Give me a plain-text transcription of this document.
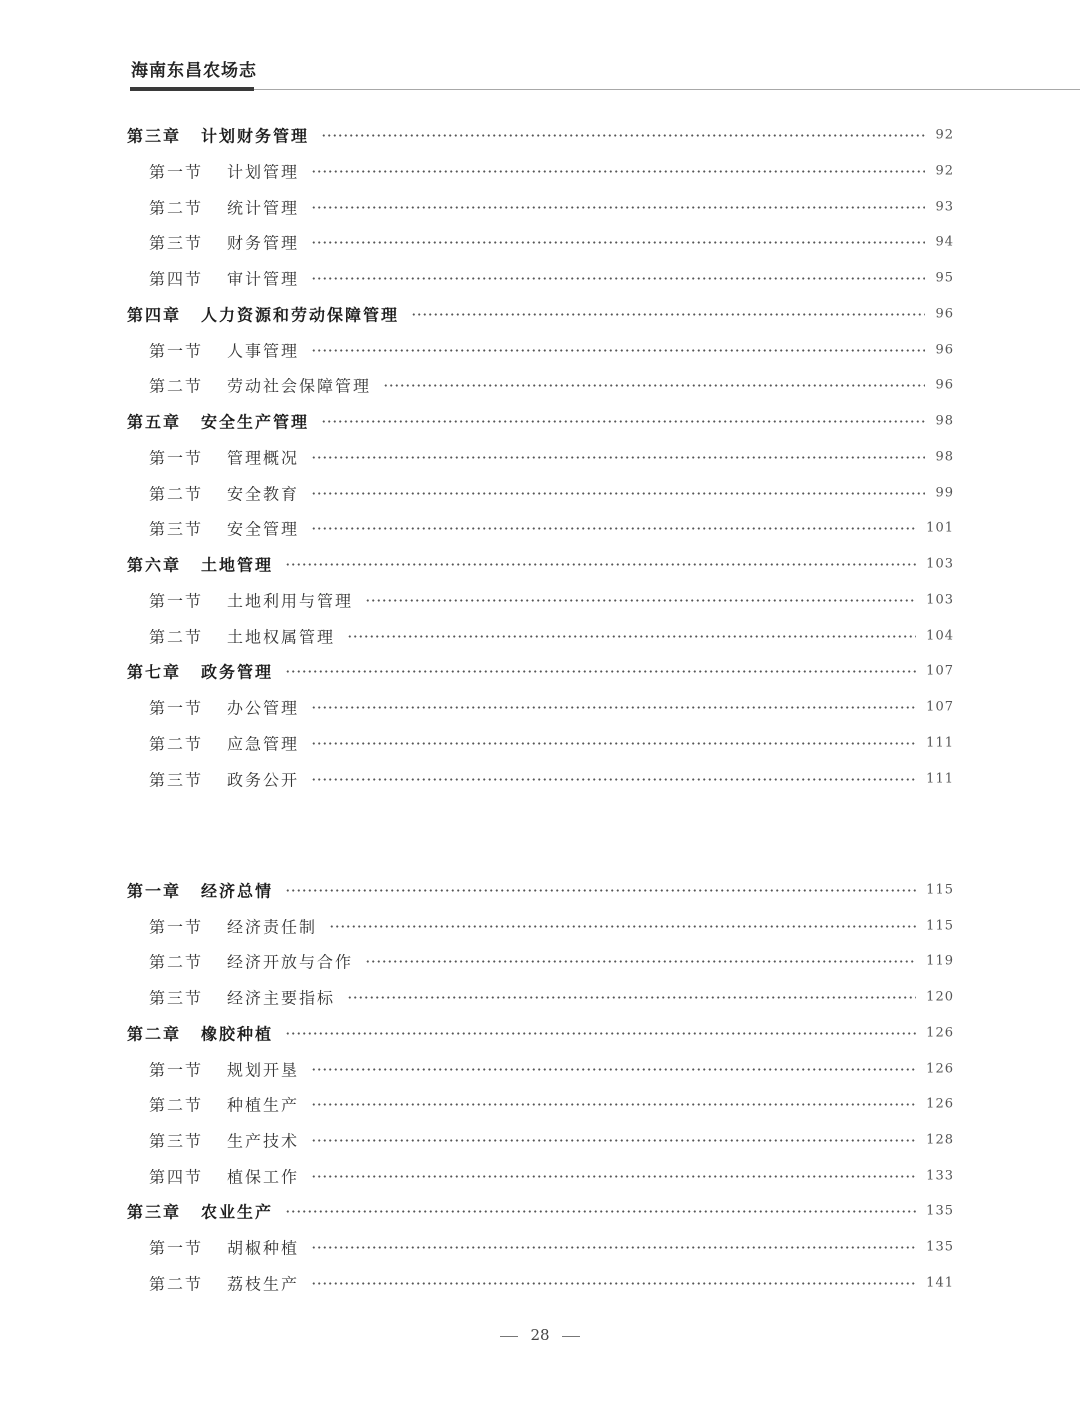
海南东昌农场志
第三章 计划财务管理	92
第一节 计划管理	92
第二节 统计管理	93
第三节 财务管理	94
第四节 审计管理	95
第四章 人力资源和劳动保障管理	96
第一节 人事管理	96
第二节 劳动社会保障管理	96
第五章 安全生产管理	98
第一节 管理概况	98
第二节 安全教育	99
第三节 安全管理	101
第六章 土地管理	103
第一节 土地利用与管理	103
第二节 土地权属管理	104
第七章 政务管理	107
第一节 办公管理	107
第二节 应急管理	111
第三节 政务公开	111
第一章 经济总情	115
第一节 经济责任制	115
第二节 经济开放与合作	119
第三节 经济主要指标	120
第二章 橡胶种植	126
第一节 规划开垦	126
第二节 种植生产	126
第三节 生产技术	128
第四节 植保工作	133
第三章 农业生产	135
第一节 胡椒种植	135
第二节 荔枝生产	141
28
